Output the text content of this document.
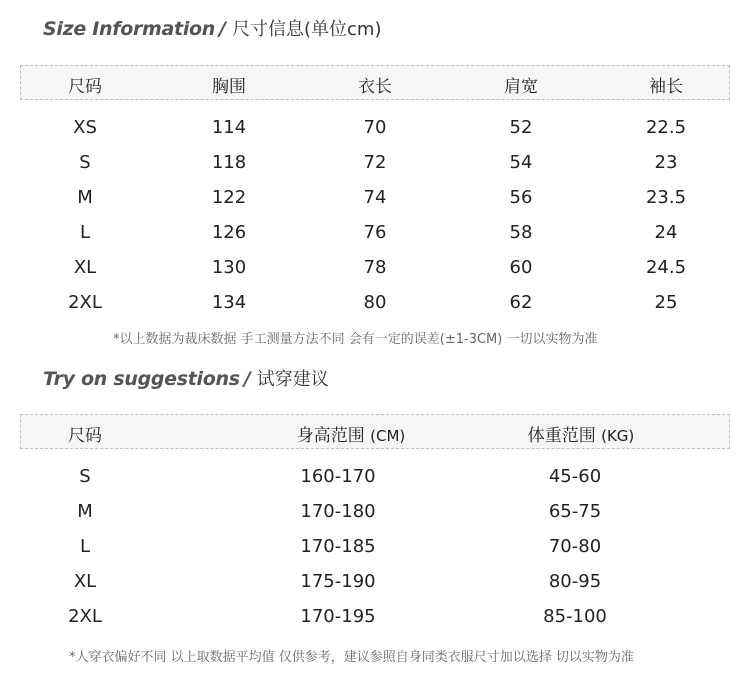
Size Information / 尺寸信息(单位cm)
尺码	胸围	衣长	肩宽	袖长
XS	114	70	52	22.5
S	118	72	54	23
M	122	74	56	23.5
L	126	76	58	24
XL	130	78	60	24.5
2XL	134	80	62	25
*以上数据为裁床数据 手工测量方法不同 会有一定的误差(±1-3CM) 一切以实物为准
Try on suggestions / 试穿建议
尺码	身高范围 (CM)	体重范围 (KG)
S	160-170	45-60
M	170-180	65-75
L	170-185	70-80
XL	175-190	80-95
2XL	170-195	85-100
*人穿衣偏好不同 以上取数据平均值 仅供参考，建议参照自身同类衣服尺寸加以选择 切以实物为准
